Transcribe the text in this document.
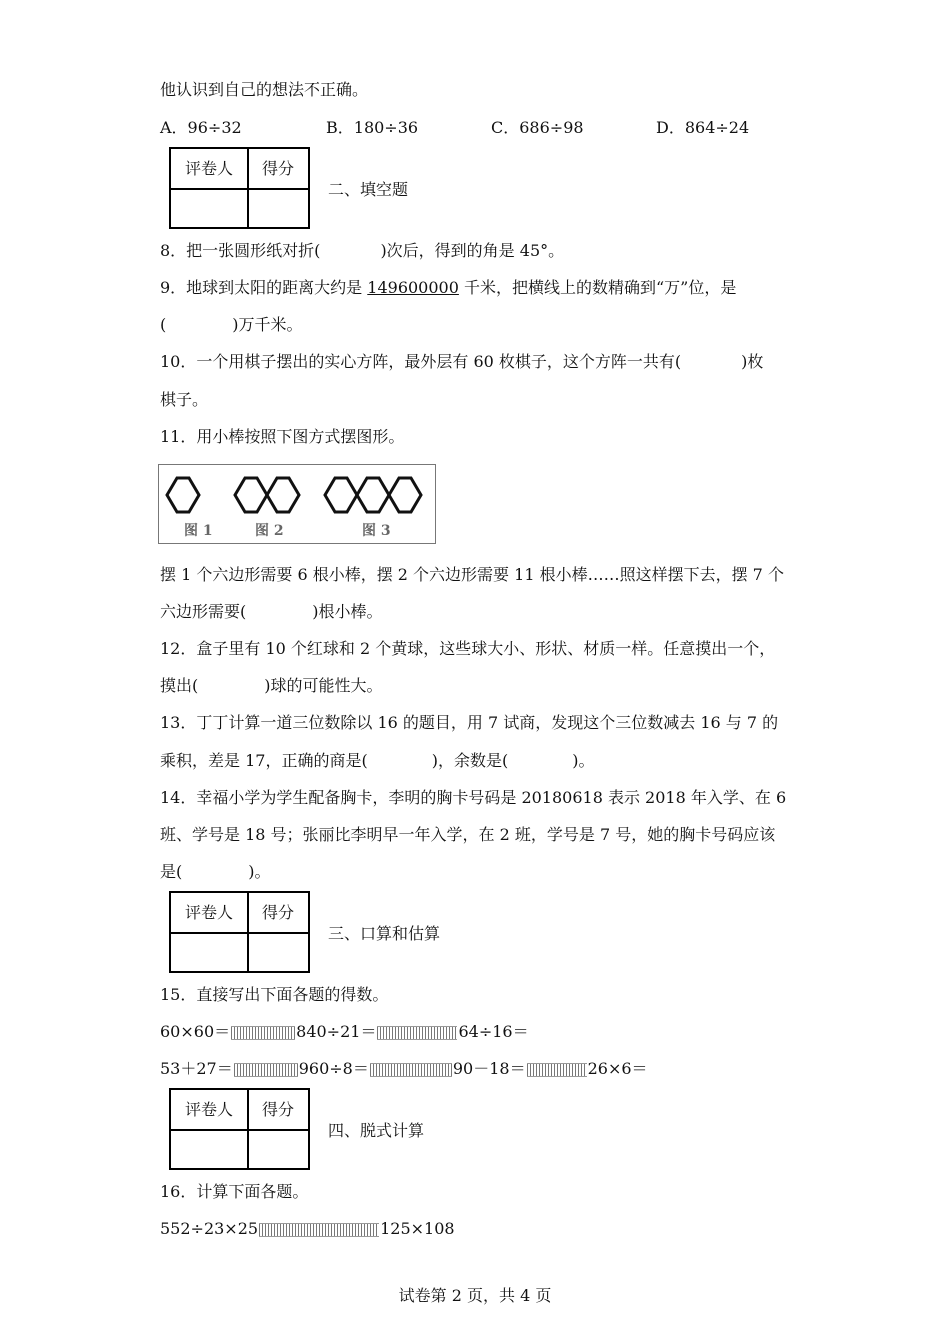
他认识到自己的想法不正确。
A．96÷32	B．180÷36	C．686÷98	D．864÷24
评卷人	得分
二、填空题
8．把一张圆形纸对折(	)次后，得到的角是 45°。
9．地球到太阳的距离大约是 149600000 千米，把横线上的数精确到“万”位，是
(	)万千米。
10．一个用棋子摆出的实心方阵，最外层有 60 枚棋子，这个方阵一共有(	)枚
棋子。
11．用小棒按照下图方式摆图形。
图 1	图 2	图 3
摆 1 个六边形需要 6 根小棒，摆 2 个六边形需要 11 根小棒……照这样摆下去，摆 7 个
六边形需要(	)根小棒。
12．盒子里有 10 个红球和 2 个黄球，这些球大小、形状、材质一样。任意摸出一个，
摸出(	)球的可能性大。
13．丁丁计算一道三位数除以 16 的题目，用 7 试商，发现这个三位数减去 16 与 7 的
乘积，差是 17，正确的商是(	)，余数是(	)。
14．幸福小学为学生配备胸卡，李明的胸卡号码是 20180618 表示 2018 年入学、在 6
班、学号是 18 号；张丽比李明早一年入学，在 2 班，学号是 7 号，她的胸卡号码应该
是(	)。
评卷人	得分
三、口算和估算
15．直接写出下面各题的得数。
60×60＝	840÷21＝	64÷16＝
53＋27＝	960÷8＝	90－18＝	26×6＝
评卷人	得分
四、脱式计算
16．计算下面各题。
552÷23×25	125×108
试卷第 2 页，共 4 页
